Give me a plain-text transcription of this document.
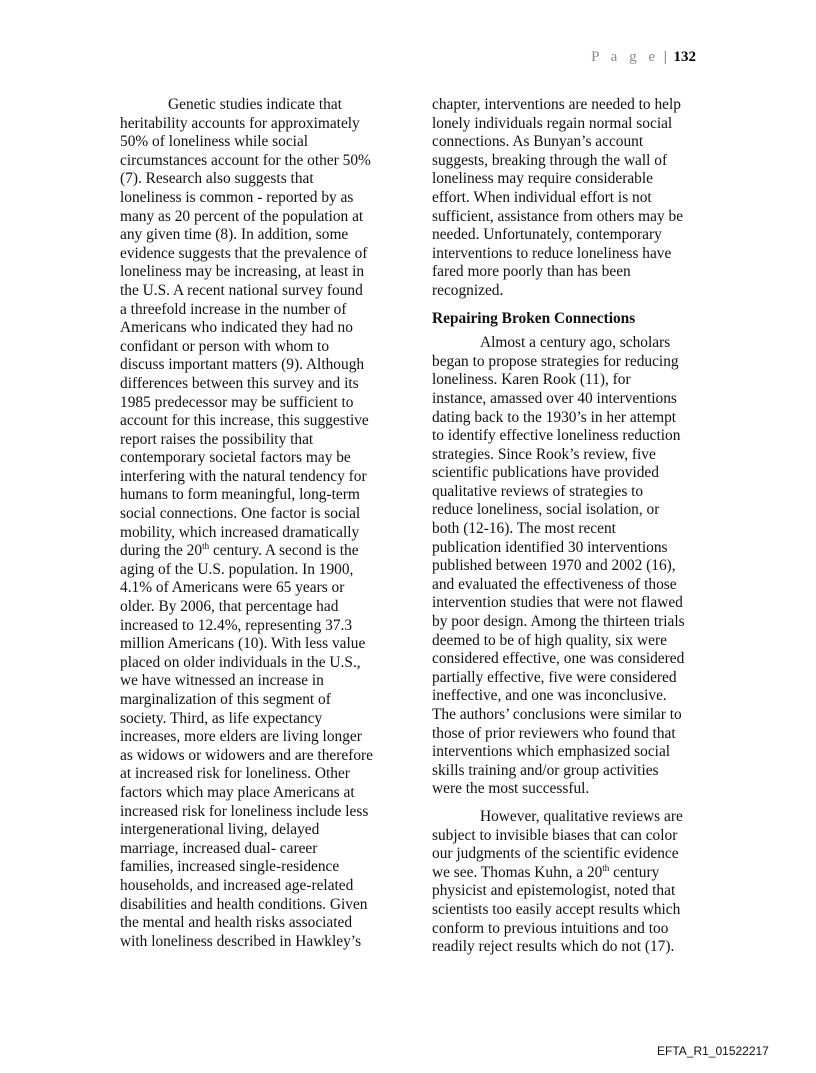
P a g e | 132

Genetic studies indicate that
heritability accounts for approximately
50% of loneliness while social
circumstances account for the other 50%
(7). Research also suggests that
loneliness is common - reported by as
many as 20 percent of the population at
any given time (8). In addition, some
evidence suggests that the prevalence of
loneliness may be increasing, at least in
the U.S. A recent national survey found
a threefold increase in the number of
Americans who indicated they had no
confidant or person with whom to
discuss important matters (9). Although
differences between this survey and its
1985 predecessor may be sufficient to
account for this increase, this suggestive
report raises the possibility that
contemporary societal factors may be
interfering with the natural tendency for
humans to form meaningful, long-term
social connections. One factor is social
mobility, which increased dramatically
during the 20th century. A second is the
aging of the U.S. population. In 1900,
4.1% of Americans were 65 years or
older. By 2006, that percentage had
increased to 12.4%, representing 37.3
million Americans (10). With less value
placed on older individuals in the U.S.,
we have witnessed an increase in
marginalization of this segment of
society. Third, as life expectancy
increases, more elders are living longer
as widows or widowers and are therefore
at increased risk for loneliness. Other
factors which may place Americans at
increased risk for loneliness include less
intergenerational living, delayed
marriage, increased dual- career
families, increased single-residence
households, and increased age-related
disabilities and health conditions. Given
the mental and health risks associated
with loneliness described in Hawkley’s

chapter, interventions are needed to help
lonely individuals regain normal social
connections. As Bunyan’s account
suggests, breaking through the wall of
loneliness may require considerable
effort. When individual effort is not
sufficient, assistance from others may be
needed. Unfortunately, contemporary
interventions to reduce loneliness have
fared more poorly than has been
recognized.

Repairing Broken Connections

Almost a century ago, scholars
began to propose strategies for reducing
loneliness. Karen Rook (11), for
instance, amassed over 40 interventions
dating back to the 1930’s in her attempt
to identify effective loneliness reduction
strategies. Since Rook’s review, five
scientific publications have provided
qualitative reviews of strategies to
reduce loneliness, social isolation, or
both (12-16). The most recent
publication identified 30 interventions
published between 1970 and 2002 (16),
and evaluated the effectiveness of those
intervention studies that were not flawed
by poor design. Among the thirteen trials
deemed to be of high quality, six were
considered effective, one was considered
partially effective, five were considered
ineffective, and one was inconclusive.
The authors’ conclusions were similar to
those of prior reviewers who found that
interventions which emphasized social
skills training and/or group activities
were the most successful.

However, qualitative reviews are
subject to invisible biases that can color
our judgments of the scientific evidence
we see. Thomas Kuhn, a 20th century
physicist and epistemologist, noted that
scientists too easily accept results which
conform to previous intuitions and too
readily reject results which do not (17).

EFTA_R1_01522217
